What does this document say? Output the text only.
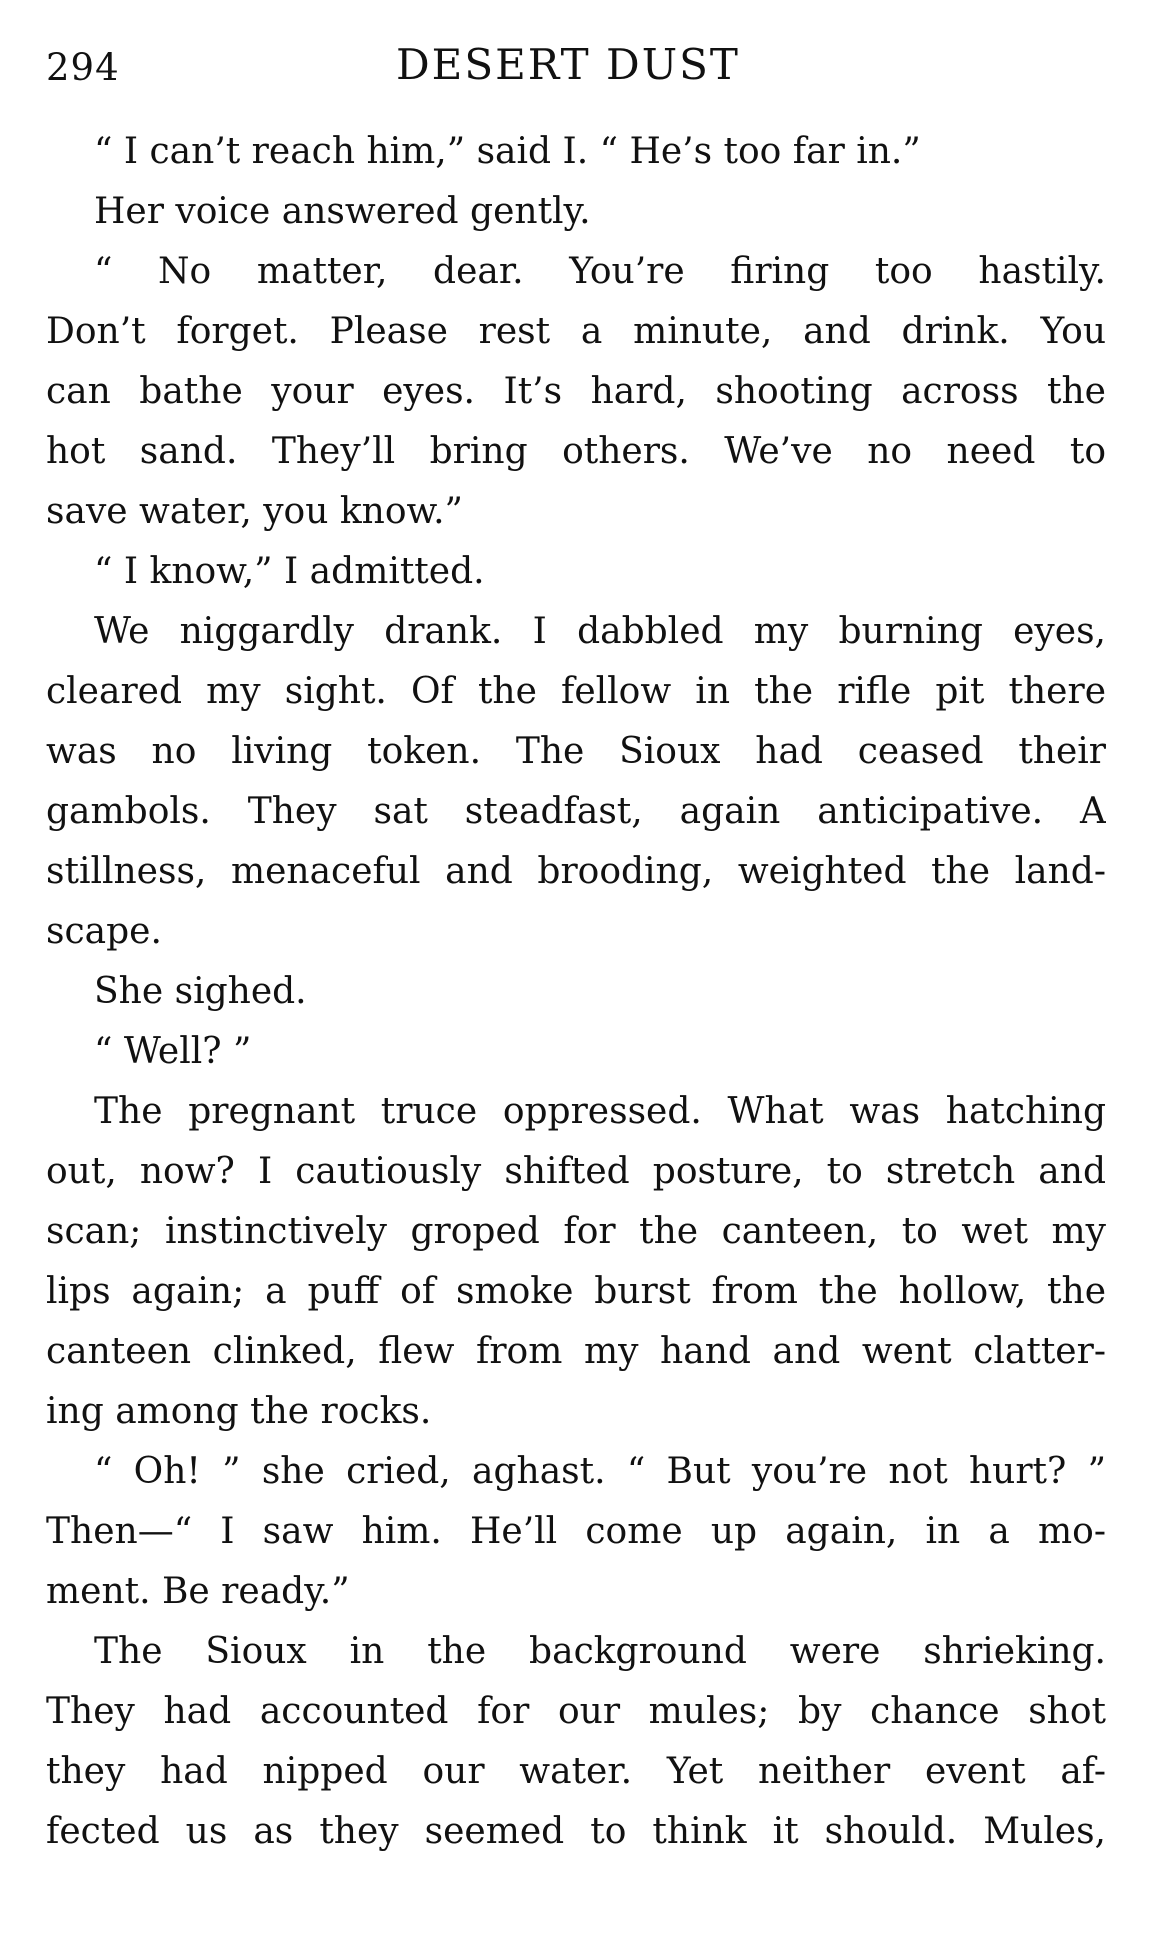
294	DESERT DUST
“ I can’t reach him,” said I. “ He’s too far in.”
Her voice answered gently.
“ No matter, dear. You’re firing too hastily.
Don’t forget. Please rest a minute, and drink. You
can bathe your eyes. It’s hard, shooting across the
hot sand. They’ll bring others. We’ve no need to
save water, you know.”
“ I know,” I admitted.
We niggardly drank. I dabbled my burning eyes,
cleared my sight. Of the fellow in the rifle pit there
was no living token. The Sioux had ceased their
gambols. They sat steadfast, again anticipative. A
stillness, menaceful and brooding, weighted the land-
scape.
She sighed.
“ Well? ”
The pregnant truce oppressed. What was hatching
out, now? I cautiously shifted posture, to stretch and
scan; instinctively groped for the canteen, to wet my
lips again; a puff of smoke burst from the hollow, the
canteen clinked, flew from my hand and went clatter-
ing among the rocks.
“ Oh! ” she cried, aghast. “ But you’re not hurt? ”
Then—“ I saw him. He’ll come up again, in a mo-
ment. Be ready.”
The Sioux in the background were shrieking.
They had accounted for our mules; by chance shot
they had nipped our water. Yet neither event af-
fected us as they seemed to think it should. Mules,
